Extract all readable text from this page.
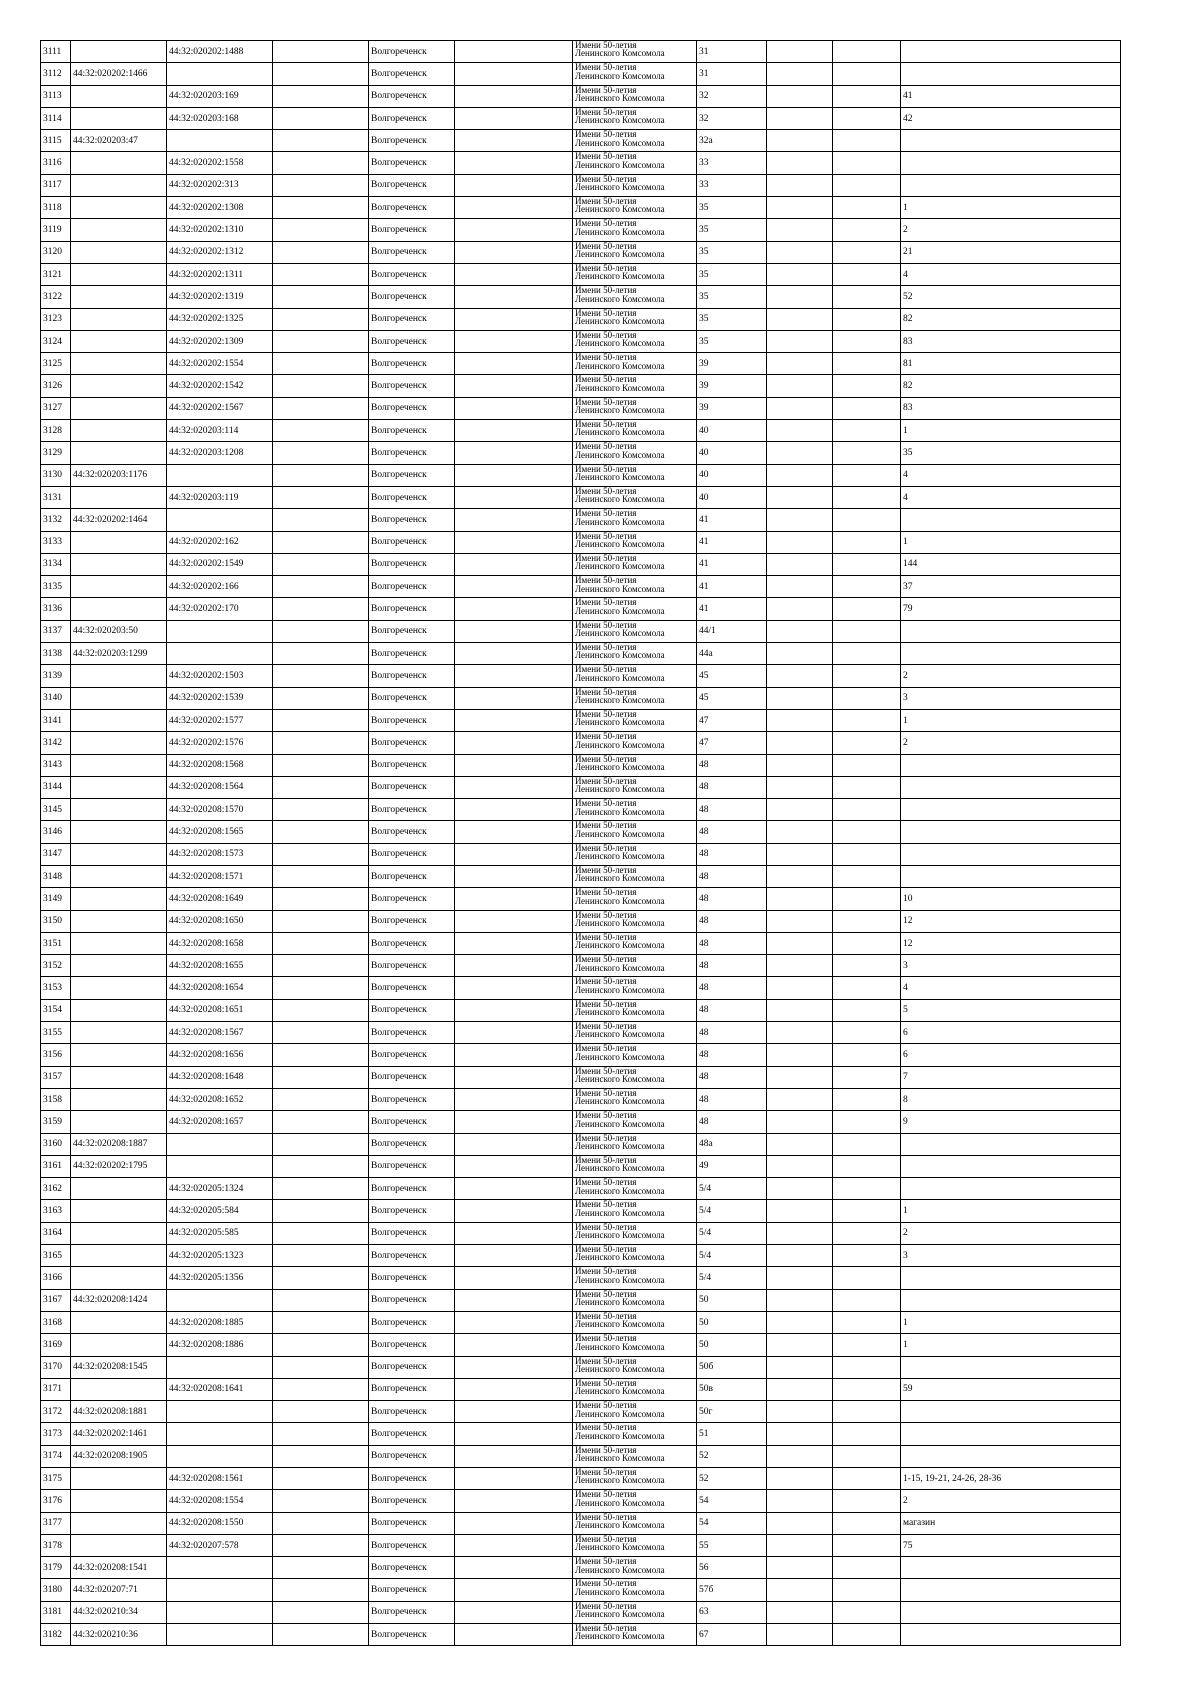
3111		44:32:020202:1488		Волгореченск		Имени 50-летия
Ленинского Комсомола	31			
3112	44:32:020202:1466			Волгореченск		Имени 50-летия
Ленинского Комсомола	31			
3113		44:32:020203:169		Волгореченск		Имени 50-летия
Ленинского Комсомола	32			41
3114		44:32:020203:168		Волгореченск		Имени 50-летия
Ленинского Комсомола	32			42
3115	44:32:020203:47			Волгореченск		Имени 50-летия
Ленинского Комсомола	32а			
3116		44:32:020202:1558		Волгореченск		Имени 50-летия
Ленинского Комсомола	33			
3117		44:32:020202:313		Волгореченск		Имени 50-летия
Ленинского Комсомола	33			
3118		44:32:020202:1308		Волгореченск		Имени 50-летия
Ленинского Комсомола	35			1
3119		44:32:020202:1310		Волгореченск		Имени 50-летия
Ленинского Комсомола	35			2
3120		44:32:020202:1312		Волгореченск		Имени 50-летия
Ленинского Комсомола	35			21
3121		44:32:020202:1311		Волгореченск		Имени 50-летия
Ленинского Комсомола	35			4
3122		44:32:020202:1319		Волгореченск		Имени 50-летия
Ленинского Комсомола	35			52
3123		44:32:020202:1325		Волгореченск		Имени 50-летия
Ленинского Комсомола	35			82
3124		44:32:020202:1309		Волгореченск		Имени 50-летия
Ленинского Комсомола	35			83
3125		44:32:020202:1554		Волгореченск		Имени 50-летия
Ленинского Комсомола	39			81
3126		44:32:020202:1542		Волгореченск		Имени 50-летия
Ленинского Комсомола	39			82
3127		44:32:020202:1567		Волгореченск		Имени 50-летия
Ленинского Комсомола	39			83
3128		44:32:020203:114		Волгореченск		Имени 50-летия
Ленинского Комсомола	40			1
3129		44:32:020203:1208		Волгореченск		Имени 50-летия
Ленинского Комсомола	40			35
3130	44:32:020203:1176			Волгореченск		Имени 50-летия
Ленинского Комсомола	40			4
3131		44:32:020203:119		Волгореченск		Имени 50-летия
Ленинского Комсомола	40			4
3132	44:32:020202:1464			Волгореченск		Имени 50-летия
Ленинского Комсомола	41			
3133		44:32:020202:162		Волгореченск		Имени 50-летия
Ленинского Комсомола	41			1
3134		44:32:020202:1549		Волгореченск		Имени 50-летия
Ленинского Комсомола	41			144
3135		44:32:020202:166		Волгореченск		Имени 50-летия
Ленинского Комсомола	41			37
3136		44:32:020202:170		Волгореченск		Имени 50-летия
Ленинского Комсомола	41			79
3137	44:32:020203:50			Волгореченск		Имени 50-летия
Ленинского Комсомола	44/1			
3138	44:32:020203:1299			Волгореченск		Имени 50-летия
Ленинского Комсомола	44а			
3139		44:32:020202:1503		Волгореченск		Имени 50-летия
Ленинского Комсомола	45			2
3140		44:32:020202:1539		Волгореченск		Имени 50-летия
Ленинского Комсомола	45			3
3141		44:32:020202:1577		Волгореченск		Имени 50-летия
Ленинского Комсомола	47			1
3142		44:32:020202:1576		Волгореченск		Имени 50-летия
Ленинского Комсомола	47			2
3143		44:32:020208:1568		Волгореченск		Имени 50-летия
Ленинского Комсомола	48			
3144		44:32:020208:1564		Волгореченск		Имени 50-летия
Ленинского Комсомола	48			
3145		44:32:020208:1570		Волгореченск		Имени 50-летия
Ленинского Комсомола	48			
3146		44:32:020208:1565		Волгореченск		Имени 50-летия
Ленинского Комсомола	48			
3147		44:32:020208:1573		Волгореченск		Имени 50-летия
Ленинского Комсомола	48			
3148		44:32:020208:1571		Волгореченск		Имени 50-летия
Ленинского Комсомола	48			
3149		44:32:020208:1649		Волгореченск		Имени 50-летия
Ленинского Комсомола	48			10
3150		44:32:020208:1650		Волгореченск		Имени 50-летия
Ленинского Комсомола	48			12
3151		44:32:020208:1658		Волгореченск		Имени 50-летия
Ленинского Комсомола	48			12
3152		44:32:020208:1655		Волгореченск		Имени 50-летия
Ленинского Комсомола	48			3
3153		44:32:020208:1654		Волгореченск		Имени 50-летия
Ленинского Комсомола	48			4
3154		44:32:020208:1651		Волгореченск		Имени 50-летия
Ленинского Комсомола	48			5
3155		44:32:020208:1567		Волгореченск		Имени 50-летия
Ленинского Комсомола	48			6
3156		44:32:020208:1656		Волгореченск		Имени 50-летия
Ленинского Комсомола	48			6
3157		44:32:020208:1648		Волгореченск		Имени 50-летия
Ленинского Комсомола	48			7
3158		44:32:020208:1652		Волгореченск		Имени 50-летия
Ленинского Комсомола	48			8
3159		44:32:020208:1657		Волгореченск		Имени 50-летия
Ленинского Комсомола	48			9
3160	44:32:020208:1887			Волгореченск		Имени 50-летия
Ленинского Комсомола	48а			
3161	44:32:020202:1795			Волгореченск		Имени 50-летия
Ленинского Комсомола	49			
3162		44:32:020205:1324		Волгореченск		Имени 50-летия
Ленинского Комсомола	5/4			
3163		44:32:020205:584		Волгореченск		Имени 50-летия
Ленинского Комсомола	5/4			1
3164		44:32:020205:585		Волгореченск		Имени 50-летия
Ленинского Комсомола	5/4			2
3165		44:32:020205:1323		Волгореченск		Имени 50-летия
Ленинского Комсомола	5/4			3
3166		44:32:020205:1356		Волгореченск		Имени 50-летия
Ленинского Комсомола	5/4			
3167	44:32:020208:1424			Волгореченск		Имени 50-летия
Ленинского Комсомола	50			
3168		44:32:020208:1885		Волгореченск		Имени 50-летия
Ленинского Комсомола	50			1
3169		44:32:020208:1886		Волгореченск		Имени 50-летия
Ленинского Комсомола	50			1
3170	44:32:020208:1545			Волгореченск		Имени 50-летия
Ленинского Комсомола	50б			
3171		44:32:020208:1641		Волгореченск		Имени 50-летия
Ленинского Комсомола	50в			59
3172	44:32:020208:1881			Волгореченск		Имени 50-летия
Ленинского Комсомола	50г			
3173	44:32:020202:1461			Волгореченск		Имени 50-летия
Ленинского Комсомола	51			
3174	44:32:020208:1905			Волгореченск		Имени 50-летия
Ленинского Комсомола	52			
3175		44:32:020208:1561		Волгореченск		Имени 50-летия
Ленинского Комсомола	52			1-15, 19-21, 24-26, 28-36
3176		44:32:020208:1554		Волгореченск		Имени 50-летия
Ленинского Комсомола	54			2
3177		44:32:020208:1550		Волгореченск		Имени 50-летия
Ленинского Комсомола	54			магазин
3178		44:32:020207:578		Волгореченск		Имени 50-летия
Ленинского Комсомола	55			75
3179	44:32:020208:1541			Волгореченск		Имени 50-летия
Ленинского Комсомола	56			
3180	44:32:020207:71			Волгореченск		Имени 50-летия
Ленинского Комсомола	57б			
3181	44:32:020210:34			Волгореченск		Имени 50-летия
Ленинского Комсомола	63			
3182	44:32:020210:36			Волгореченск		Имени 50-летия
Ленинского Комсомола	67			
